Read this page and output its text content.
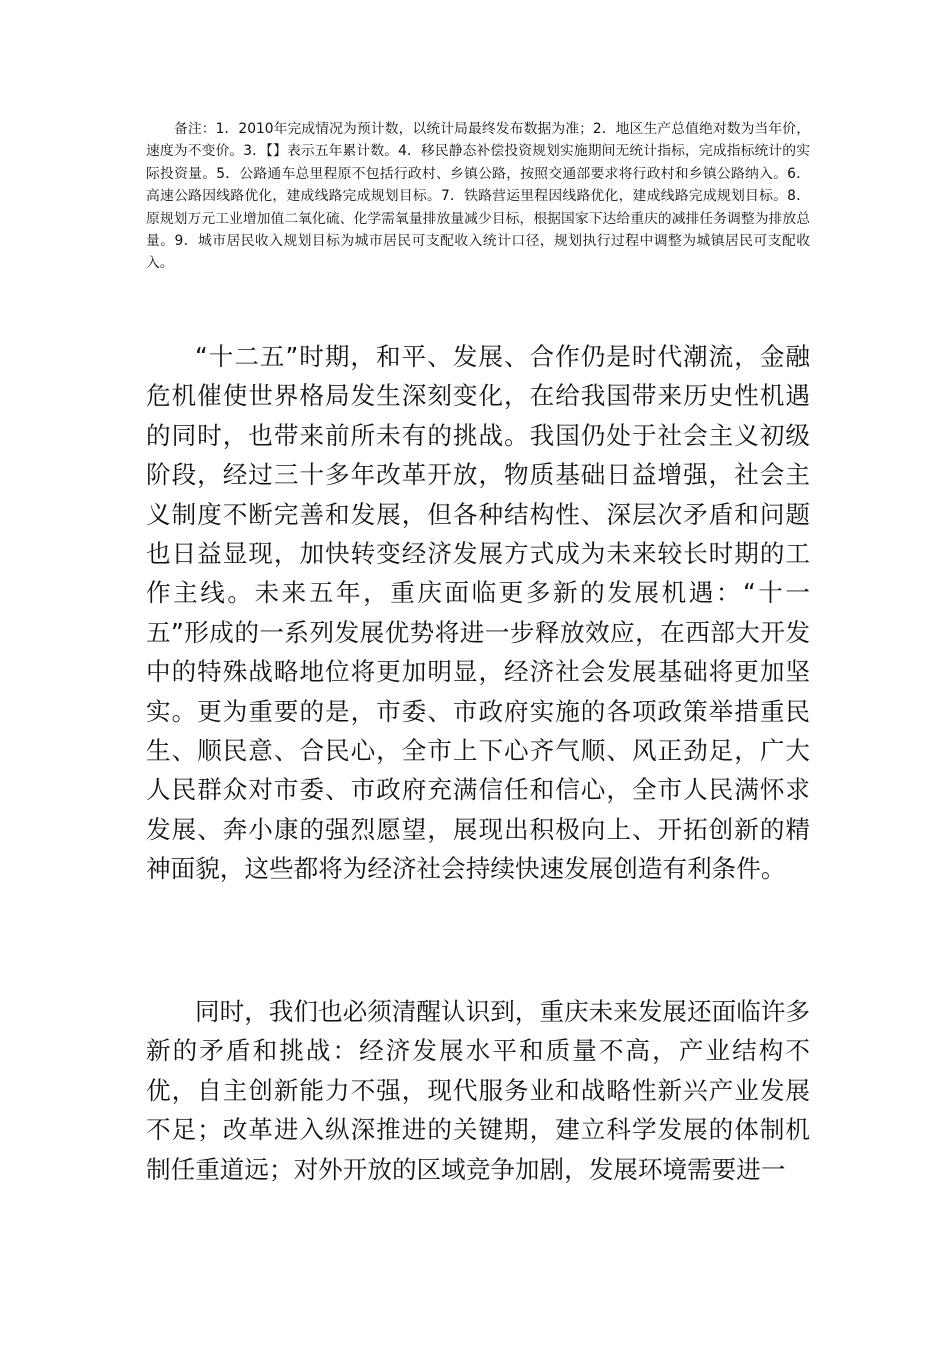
备注：1．2010年完成情况为预计数，以统计局最终发布数据为准；2．地区生产总值绝对数为当年价，速度为不变价。3．【】表示五年累计数。4．移民静态补偿投资规划实施期间无统计指标，完成指标统计的实际投资量。5．公路通车总里程原不包括行政村、乡镇公路，按照交通部要求将行政村和乡镇公路纳入。6．高速公路因线路优化，建成线路完成规划目标。7．铁路营运里程因线路优化，建成线路完成规划目标。8．原规划万元工业增加值二氧化硫、化学需氧量排放量减少目标，根据国家下达给重庆的减排任务调整为排放总量。9．城市居民收入规划目标为城市居民可支配收入统计口径，规划执行过程中调整为城镇居民可支配收入。

“十二五”时期，和平、发展、合作仍是时代潮流，金融危机催使世界格局发生深刻变化，在给我国带来历史性机遇的同时，也带来前所未有的挑战。我国仍处于社会主义初级阶段，经过三十多年改革开放，物质基础日益增强，社会主义制度不断完善和发展，但各种结构性、深层次矛盾和问题也日益显现，加快转变经济发展方式成为未来较长时期的工作主线。未来五年，重庆面临更多新的发展机遇：“十一五”形成的一系列发展优势将进一步释放效应，在西部大开发中的特殊战略地位将更加明显，经济社会发展基础将更加坚实。更为重要的是，市委、市政府实施的各项政策举措重民生、顺民意、合民心，全市上下心齐气顺、风正劲足，广大人民群众对市委、市政府充满信任和信心，全市人民满怀求发展、奔小康的强烈愿望，展现出积极向上、开拓创新的精神面貌，这些都将为经济社会持续快速发展创造有利条件。

同时，我们也必须清醒认识到，重庆未来发展还面临许多新的矛盾和挑战：经济发展水平和质量不高，产业结构不优，自主创新能力不强，现代服务业和战略性新兴产业发展不足；改革进入纵深推进的关键期，建立科学发展的体制机制任重道远；对外开放的区域竞争加剧，发展环境需要进一
